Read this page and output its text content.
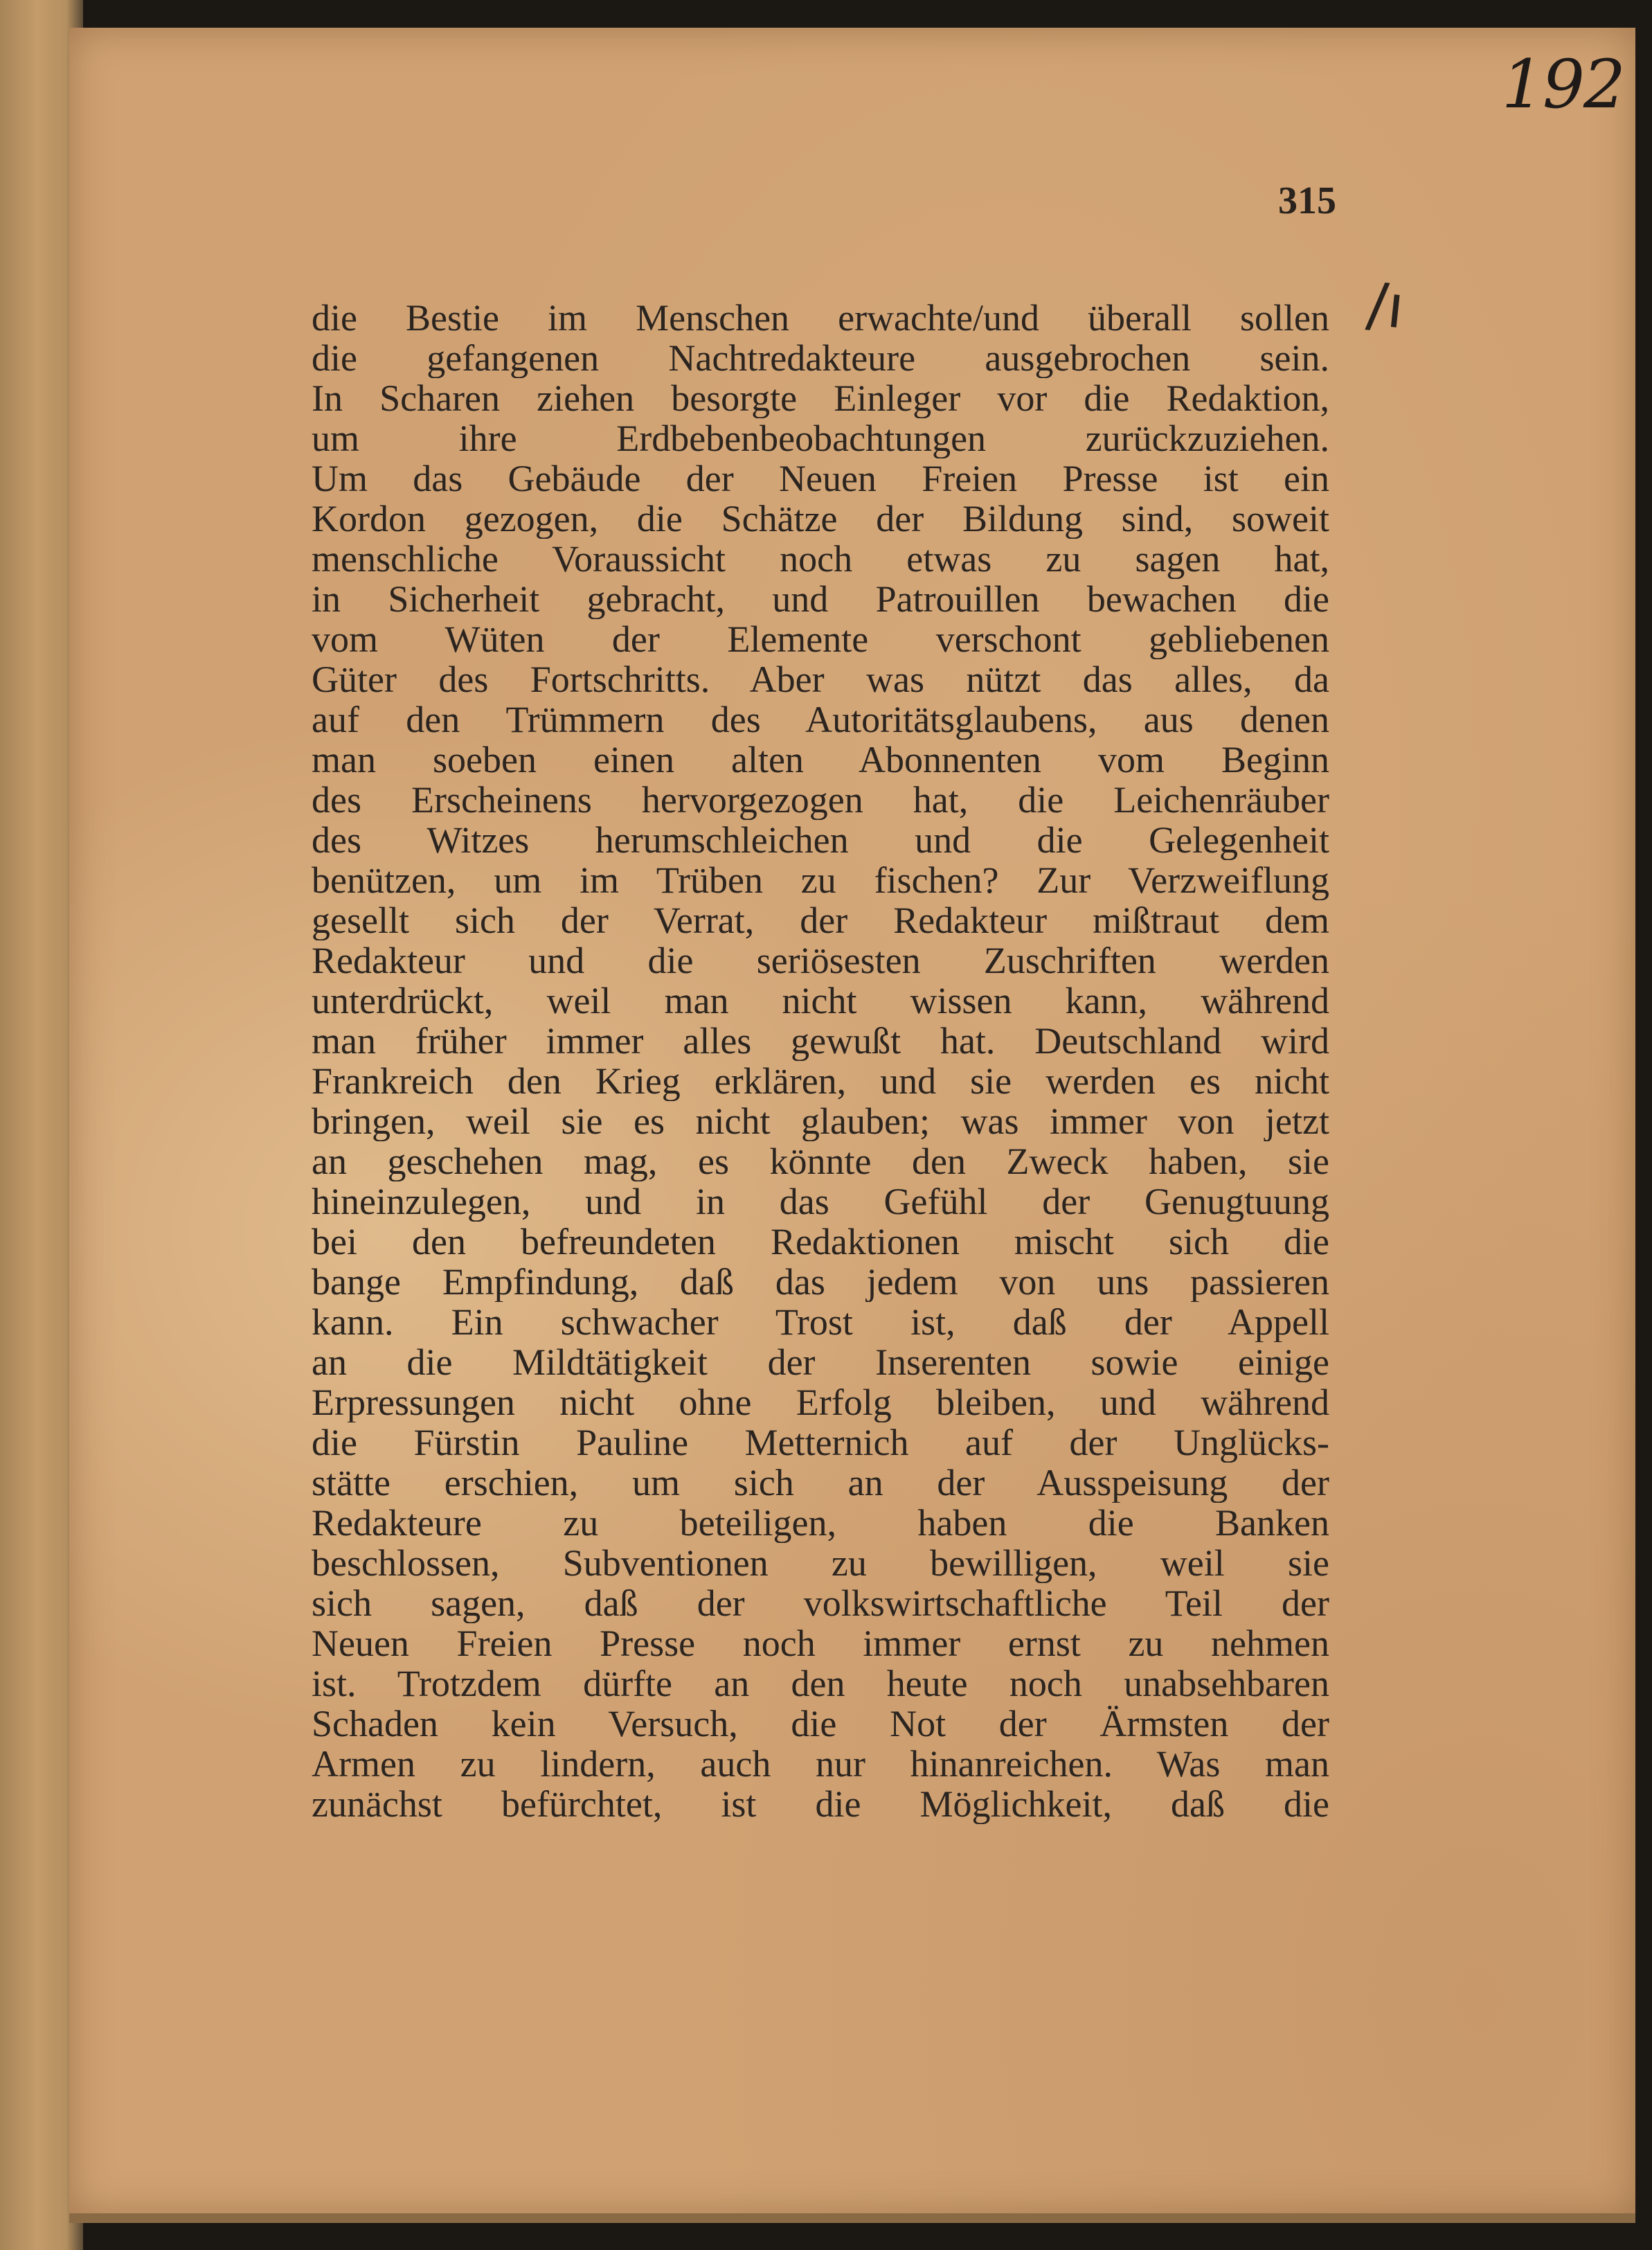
192
315
/ı
die Bestie im Menschen erwachte/und überall sollen
die gefangenen Nachtredakteure ausgebrochen sein.
In Scharen ziehen besorgte Einleger vor die Redaktion,
um ihre Erdbebenbeobachtungen zurückzuziehen.
Um das Gebäude der Neuen Freien Presse ist ein
Kordon gezogen, die Schätze der Bildung sind, soweit
menschliche Voraussicht noch etwas zu sagen hat,
in Sicherheit gebracht, und Patrouillen bewachen die
vom Wüten der Elemente verschont gebliebenen
Güter des Fortschritts. Aber was nützt das alles, da
auf den Trümmern des Autoritätsglaubens, aus denen
man soeben einen alten Abonnenten vom Beginn
des Erscheinens hervorgezogen hat, die Leichenräuber
des Witzes herumschleichen und die Gelegenheit
benützen, um im Trüben zu fischen? Zur Verzweiflung
gesellt sich der Verrat, der Redakteur mißtraut dem
Redakteur und die seriösesten Zuschriften werden
unterdrückt, weil man nicht wissen kann, während
man früher immer alles gewußt hat. Deutschland wird
Frankreich den Krieg erklären, und sie werden es nicht
bringen, weil sie es nicht glauben; was immer von jetzt
an geschehen mag, es könnte den Zweck haben, sie
hineinzulegen, und in das Gefühl der Genugtuung
bei den befreundeten Redaktionen mischt sich die
bange Empfindung, daß das jedem von uns passieren
kann. Ein schwacher Trost ist, daß der Appell
an die Mildtätigkeit der Inserenten sowie einige
Erpressungen nicht ohne Erfolg bleiben, und während
die Fürstin Pauline Metternich auf der Unglücks-
stätte erschien, um sich an der Ausspeisung der
Redakteure zu beteiligen, haben die Banken
beschlossen, Subventionen zu bewilligen, weil sie
sich sagen, daß der volkswirtschaftliche Teil der
Neuen Freien Presse noch immer ernst zu nehmen
ist. Trotzdem dürfte an den heute noch unabsehbaren
Schaden kein Versuch, die Not der Ärmsten der
Armen zu lindern, auch nur hinanreichen. Was man
zunächst befürchtet, ist die Möglichkeit, daß die
